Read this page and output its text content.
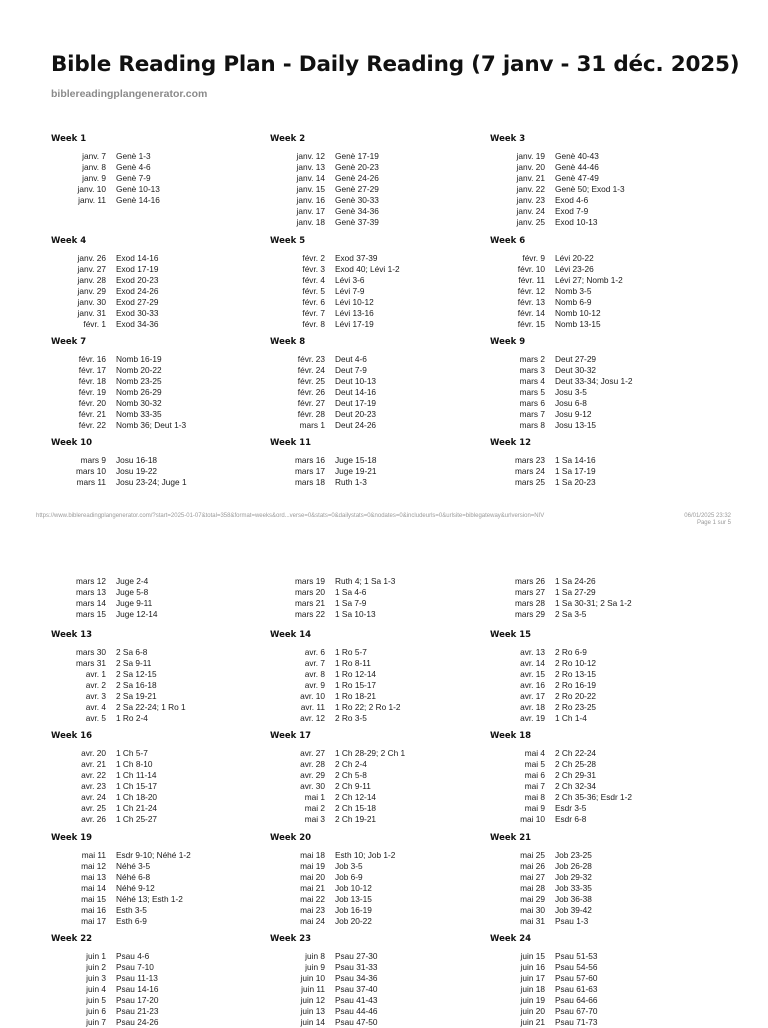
Bible Reading Plan - Daily Reading (7 janv - 31 déc. 2025)
biblereadingplangenerator.com
Week 1
janv. 7 Genè 1-3
janv. 8 Genè 4-6
janv. 9 Genè 7-9
janv. 10 Genè 10-13
janv. 11 Genè 14-16
Week 2
janv. 12 Genè 17-19
janv. 13 Genè 20-23
janv. 14 Genè 24-26
janv. 15 Genè 27-29
janv. 16 Genè 30-33
janv. 17 Genè 34-36
janv. 18 Genè 37-39
Week 3
janv. 19 Genè 40-43
janv. 20 Genè 44-46
janv. 21 Genè 47-49
janv. 22 Genè 50; Exod 1-3
janv. 23 Exod 4-6
janv. 24 Exod 7-9
janv. 25 Exod 10-13
Week 4
janv. 26 Exod 14-16
janv. 27 Exod 17-19
janv. 28 Exod 20-23
janv. 29 Exod 24-26
janv. 30 Exod 27-29
janv. 31 Exod 30-33
févr. 1 Exod 34-36
Week 5
févr. 2 Exod 37-39
févr. 3 Exod 40; Lévi 1-2
févr. 4 Lévi 3-6
févr. 5 Lévi 7-9
févr. 6 Lévi 10-12
févr. 7 Lévi 13-16
févr. 8 Lévi 17-19
Week 6
févr. 9 Lévi 20-22
févr. 10 Lévi 23-26
févr. 11 Lévi 27; Nomb 1-2
févr. 12 Nomb 3-5
févr. 13 Nomb 6-9
févr. 14 Nomb 10-12
févr. 15 Nomb 13-15
Week 7
févr. 16 Nomb 16-19
févr. 17 Nomb 20-22
févr. 18 Nomb 23-25
févr. 19 Nomb 26-29
févr. 20 Nomb 30-32
févr. 21 Nomb 33-35
févr. 22 Nomb 36; Deut 1-3
Week 8
févr. 23 Deut 4-6
févr. 24 Deut 7-9
févr. 25 Deut 10-13
févr. 26 Deut 14-16
févr. 27 Deut 17-19
févr. 28 Deut 20-23
mars 1 Deut 24-26
Week 9
mars 2 Deut 27-29
mars 3 Deut 30-32
mars 4 Deut 33-34; Josu 1-2
mars 5 Josu 3-5
mars 6 Josu 6-8
mars 7 Josu 9-12
mars 8 Josu 13-15
Week 10
mars 9 Josu 16-18
mars 10 Josu 19-22
mars 11 Josu 23-24; Juge 1
Week 11
mars 16 Juge 15-18
mars 17 Juge 19-21
mars 18 Ruth 1-3
Week 12
mars 23 1 Sa 14-16
mars 24 1 Sa 17-19
mars 25 1 Sa 20-23
https://www.biblereadingplangenerator.com/?start=2025-01-07&total=358&format=weeks&ord...verse=0&stats=0&dailystats=0&nodates=0&includeurls=0&urlsite=biblegateway&urlversion=NIV	06/01/2025 23:32
Page 1 sur 5
mars 12 Juge 2-4
mars 13 Juge 5-8
mars 14 Juge 9-11
mars 15 Juge 12-14
mars 19 Ruth 4; 1 Sa 1-3
mars 20 1 Sa 4-6
mars 21 1 Sa 7-9
mars 22 1 Sa 10-13
mars 26 1 Sa 24-26
mars 27 1 Sa 27-29
mars 28 1 Sa 30-31; 2 Sa 1-2
mars 29 2 Sa 3-5
Week 13
mars 30 2 Sa 6-8
mars 31 2 Sa 9-11
avr. 1 2 Sa 12-15
avr. 2 2 Sa 16-18
avr. 3 2 Sa 19-21
avr. 4 2 Sa 22-24; 1 Ro 1
avr. 5 1 Ro 2-4
Week 14
avr. 6 1 Ro 5-7
avr. 7 1 Ro 8-11
avr. 8 1 Ro 12-14
avr. 9 1 Ro 15-17
avr. 10 1 Ro 18-21
avr. 11 1 Ro 22; 2 Ro 1-2
avr. 12 2 Ro 3-5
Week 15
avr. 13 2 Ro 6-9
avr. 14 2 Ro 10-12
avr. 15 2 Ro 13-15
avr. 16 2 Ro 16-19
avr. 17 2 Ro 20-22
avr. 18 2 Ro 23-25
avr. 19 1 Ch 1-4
Week 16
avr. 20 1 Ch 5-7
avr. 21 1 Ch 8-10
avr. 22 1 Ch 11-14
avr. 23 1 Ch 15-17
avr. 24 1 Ch 18-20
avr. 25 1 Ch 21-24
avr. 26 1 Ch 25-27
Week 17
avr. 27 1 Ch 28-29; 2 Ch 1
avr. 28 2 Ch 2-4
avr. 29 2 Ch 5-8
avr. 30 2 Ch 9-11
mai 1 2 Ch 12-14
mai 2 2 Ch 15-18
mai 3 2 Ch 19-21
Week 18
mai 4 2 Ch 22-24
mai 5 2 Ch 25-28
mai 6 2 Ch 29-31
mai 7 2 Ch 32-34
mai 8 2 Ch 35-36; Esdr 1-2
mai 9 Esdr 3-5
mai 10 Esdr 6-8
Week 19
mai 11 Esdr 9-10; Néhé 1-2
mai 12 Néhé 3-5
mai 13 Néhé 6-8
mai 14 Néhé 9-12
mai 15 Néhé 13; Esth 1-2
mai 16 Esth 3-5
mai 17 Esth 6-9
Week 20
mai 18 Esth 10; Job 1-2
mai 19 Job 3-5
mai 20 Job 6-9
mai 21 Job 10-12
mai 22 Job 13-15
mai 23 Job 16-19
mai 24 Job 20-22
Week 21
mai 25 Job 23-25
mai 26 Job 26-28
mai 27 Job 29-32
mai 28 Job 33-35
mai 29 Job 36-38
mai 30 Job 39-42
mai 31 Psau 1-3
Week 22
juin 1 Psau 4-6
juin 2 Psau 7-10
juin 3 Psau 11-13
juin 4 Psau 14-16
juin 5 Psau 17-20
juin 6 Psau 21-23
juin 7 Psau 24-26
Week 23
juin 8 Psau 27-30
juin 9 Psau 31-33
juin 10 Psau 34-36
juin 11 Psau 37-40
juin 12 Psau 41-43
juin 13 Psau 44-46
juin 14 Psau 47-50
Week 24
juin 15 Psau 51-53
juin 16 Psau 54-56
juin 17 Psau 57-60
juin 18 Psau 61-63
juin 19 Psau 64-66
juin 20 Psau 67-70
juin 21 Psau 71-73
